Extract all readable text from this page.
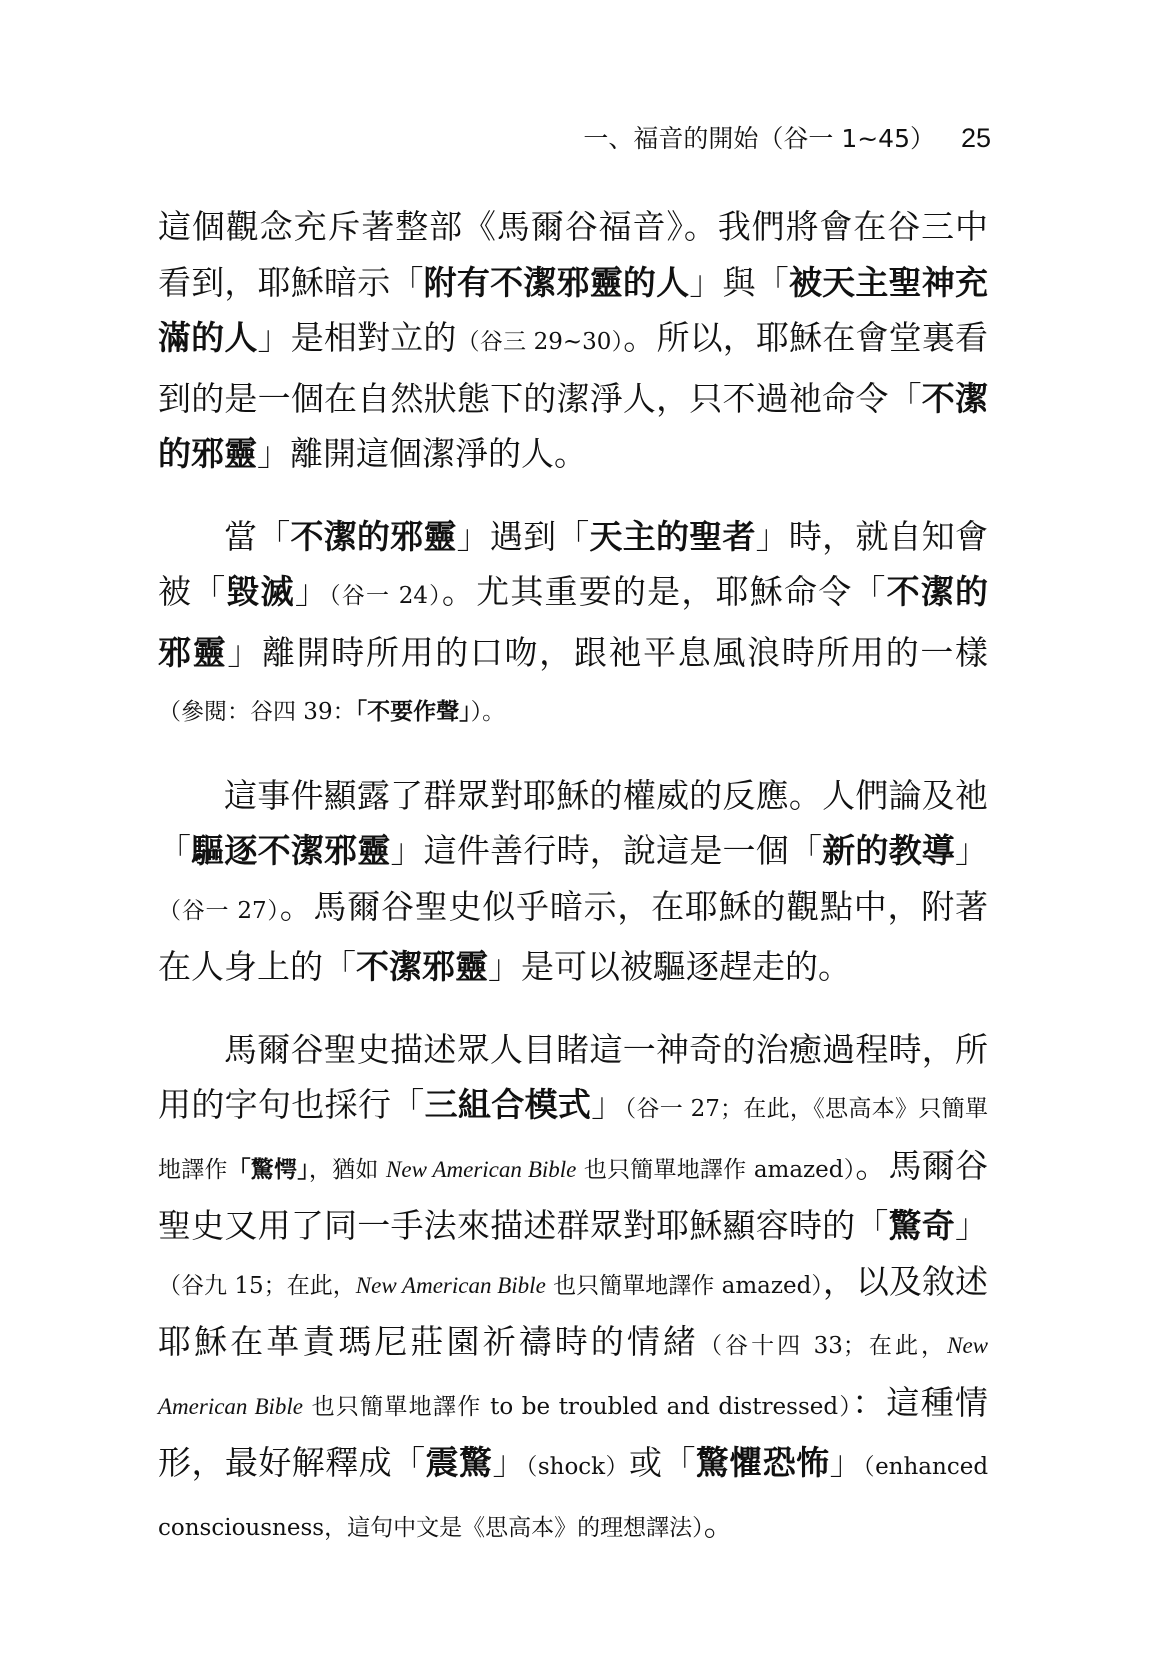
一、福音的開始（谷一 1~45） 25

這個觀念充斥著整部《馬爾谷福音》。我們將會在谷三中看到，耶穌暗示「附有不潔邪靈的人」與「被天主聖神充滿的人」是相對立的（谷三 29~30）。所以，耶穌在會堂裏看到的是一個在自然狀態下的潔淨人，只不過祂命令「不潔的邪靈」離開這個潔淨的人。

當「不潔的邪靈」遇到「天主的聖者」時，就自知會被「毀滅」（谷一 24）。尤其重要的是，耶穌命令「不潔的邪靈」離開時所用的口吻，跟祂平息風浪時所用的一樣（參閱：谷四 39：「不要作聲」）。

這事件顯露了群眾對耶穌的權威的反應。人們論及祂「驅逐不潔邪靈」這件善行時，說這是一個「新的教導」（谷一 27）。馬爾谷聖史似乎暗示，在耶穌的觀點中，附著在人身上的「不潔邪靈」是可以被驅逐趕走的。

馬爾谷聖史描述眾人目睹這一神奇的治癒過程時，所用的字句也採行「三組合模式」（谷一 27；在此，《思高本》只簡單地譯作「驚愕」，猶如 New American Bible 也只簡單地譯作 amazed）。馬爾谷聖史又用了同一手法來描述群眾對耶穌顯容時的「驚奇」（谷九 15；在此，New American Bible 也只簡單地譯作 amazed），以及敘述耶穌在革責瑪尼莊園祈禱時的情緒（谷十四 33；在此，New American Bible 也只簡單地譯作 to be troubled and distressed）：這種情形，最好解釋成「震驚」（shock）或「驚懼恐怖」（enhanced consciousness，這句中文是《思高本》的理想譯法）。
